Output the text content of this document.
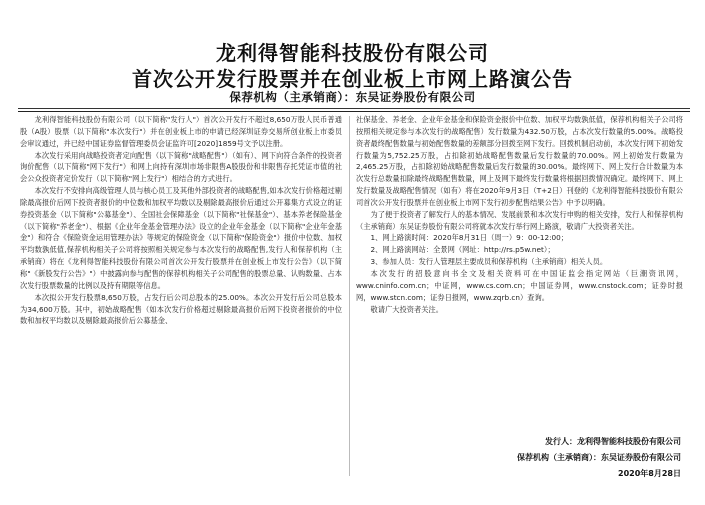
龙利得智能科技股份有限公司
首次公开发行股票并在创业板上市网上路演公告
保荐机构（主承销商）：东吴证券股份有限公司

龙利得智能科技股份有限公司（以下简称"发行人"）首次公开发行不超过8,650万股人民币普通股（A股）股票（以下简称"本次发行"）并在创业板上市的申请已经深圳证券交易所创业板上市委员会审议通过，并已经中国证券监督管理委员会证监许可[2020]1859号文予以注册。

本次发行采用向战略投资者定向配售（以下简称"战略配售"）（如有）、网下向符合条件的投资者询价配售（以下简称"网下发行"）和网上向持有深圳市场非限售A股股份和非限售存托凭证市值的社会公众投资者定价发行（以下简称"网上发行"）相结合的方式进行。

本次发行不安排向高级管理人员与核心员工及其他外部投资者的战略配售,如本次发行价格超过剔除最高报价后网下投资者报价的中位数和加权平均数以及剔除最高报价后通过公开募集方式设立的证券投资基金（以下简称"公募基金"）、全国社会保障基金（以下简称"社保基金"）、基本养老保险基金（以下简称"养老金"）、根据《企业年金基金管理办法》设立的企业年金基金（以下简称"企业年金基金"）和符合《保险资金运用管理办法》等规定的保险资金（以下简称"保险资金"）报价中位数、加权平均数孰低值,保荐机构相关子公司将按照相关规定参与本次发行的战略配售,发行人和保荐机构（主承销商）将在《龙利得智能科技股份有限公司首次公开发行股票并在创业板上市发行公告》（以下简称"《新股发行公告》"）中披露向参与配售的保荐机构相关子公司配售的股票总量、认购数量、占本次发行股票数量的比例以及持有期限等信息。

本次拟公开发行股票8,650万股，占发行后公司总股本的25.00%。本次公开发行后公司总股本为34,600万股。其中，初始战略配售（如本次发行价格超过剔除最高报价后网下投资者报价的中位数和加权平均数以及剔除最高报价后公募基金、

社保基金、养老金、企业年金基金和保险资金报价中位数、加权平均数孰低值，保荐机构相关子公司将按照相关规定参与本次发行的战略配售）发行数量为432.50万股，占本次发行数量的5.00%。战略投资者最终配售数量与初始配售数量的差额部分回拨至网下发行。回拨机制启动前，本次发行网下初始发行数量为5,752.25万股，占扣除初始战略配售数量后发行数量的70.00%。网上初始发行数量为2,465.25万股，占扣除初始战略配售数量后发行数量的30.00%。最终网下、网上发行合计数量为本次发行总数量扣除最终战略配售数量，网上及网下最终发行数量将根据回拨情况确定。最终网下、网上发行数量及战略配售情况（如有）将在2020年9月3日（T+2日）刊登的《龙利得智能科技股份有限公司首次公开发行股票并在创业板上市网下发行初步配售结果公告》中予以明确。

为了便于投资者了解发行人的基本情况、发展前景和本次发行申购的相关安排，发行人和保荐机构（主承销商）东吴证券股份有限公司将就本次发行举行网上路演，敬请广大投资者关注。

1、网上路演时间：2020年8月31日（周一）9：00-12:00；

2、网上路演网站：全景网（网址：http://rs.p5w.net）；

3、参加人员：发行人管理层主要成员和保荐机构（主承销商）相关人员。

本次发行的招股意向书全文及相关资料可在中国证监会指定网站（巨潮资讯网，www.cninfo.com.cn；中证网，www.cs.com.cn；中国证券网，www.cnstock.com；证券时报网，www.stcn.com；证券日报网，www.zqrb.cn）查询。

敬请广大投资者关注。

发行人：龙利得智能科技股份有限公司
保荐机构（主承销商）：东吴证券股份有限公司
2020年8月28日
